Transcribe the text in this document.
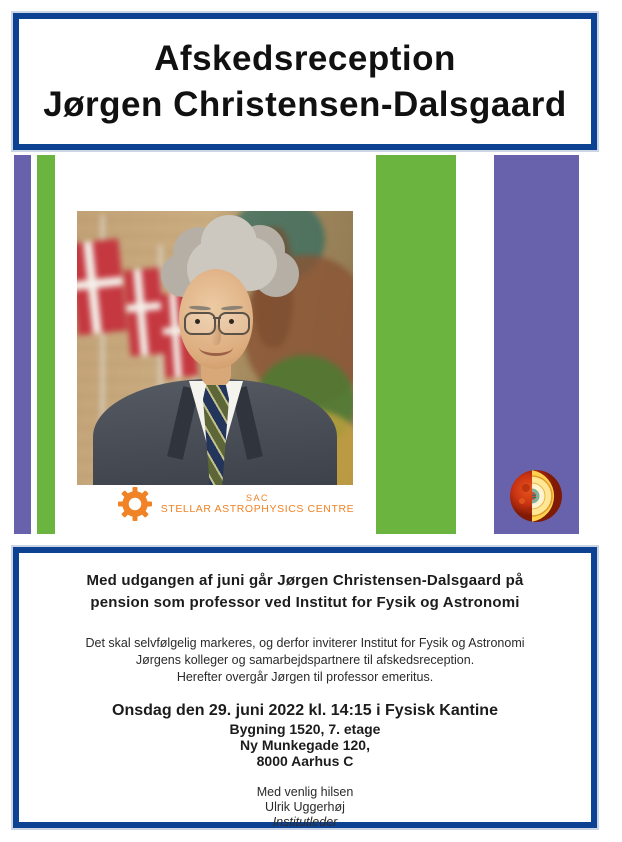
Afskedsreception
Jørgen Christensen-Dalsgaard
SAC
STELLAR ASTROPHYSICS CENTRE
Med udgangen af juni går Jørgen Christensen-Dalsgaard på
pension som professor ved Institut for Fysik og Astronomi
Det skal selvfølgelig markeres, og derfor inviterer Institut for Fysik og Astronomi
Jørgens kolleger og samarbejdspartnere til afskedsreception.
Herefter overgår Jørgen til professor emeritus.
Onsdag den 29. juni 2022 kl. 14:15 i Fysisk Kantine
Bygning 1520, 7. etage
Ny Munkegade 120,
8000 Aarhus C
Med venlig hilsen
Ulrik Uggerhøj
Institutleder
